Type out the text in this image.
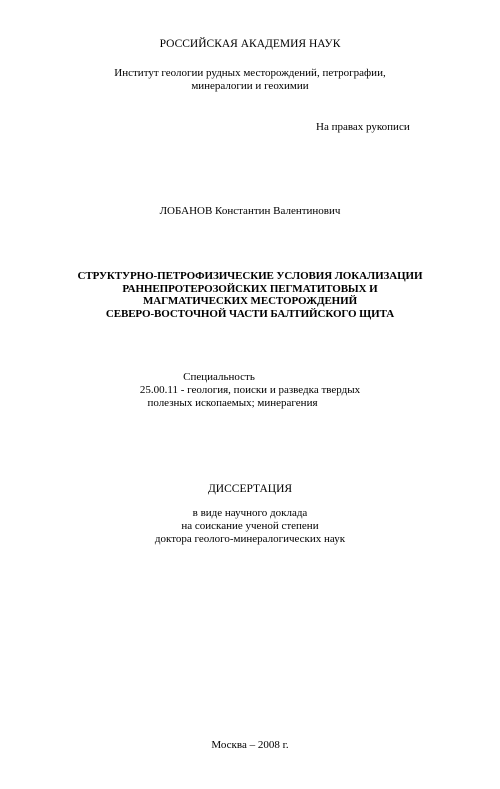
РОССИЙСКАЯ АКАДЕМИЯ НАУК
Институт геологии рудных месторождений, петрографии,
минералогии и геохимии
На правах рукописи
ЛОБАНОВ Константин Валентинович
СТРУКТУРНО-ПЕТРОФИЗИЧЕСКИЕ УСЛОВИЯ ЛОКАЛИЗАЦИИ
РАННЕПРОТЕРОЗОЙСКИХ ПЕГМАТИТОВЫХ И
МАГМАТИЧЕСКИХ МЕСТОРОЖДЕНИЙ
СЕВЕРО-ВОСТОЧНОЙ ЧАСТИ БАЛТИЙСКОГО ЩИТА
Специальность
25.00.11 - геология, поиски и разведка твердых
полезных ископаемых; минерагения
ДИССЕРТАЦИЯ
в виде научного доклада
на соискание ученой степени
доктора геолого-минералогических наук
Москва – 2008 г.
